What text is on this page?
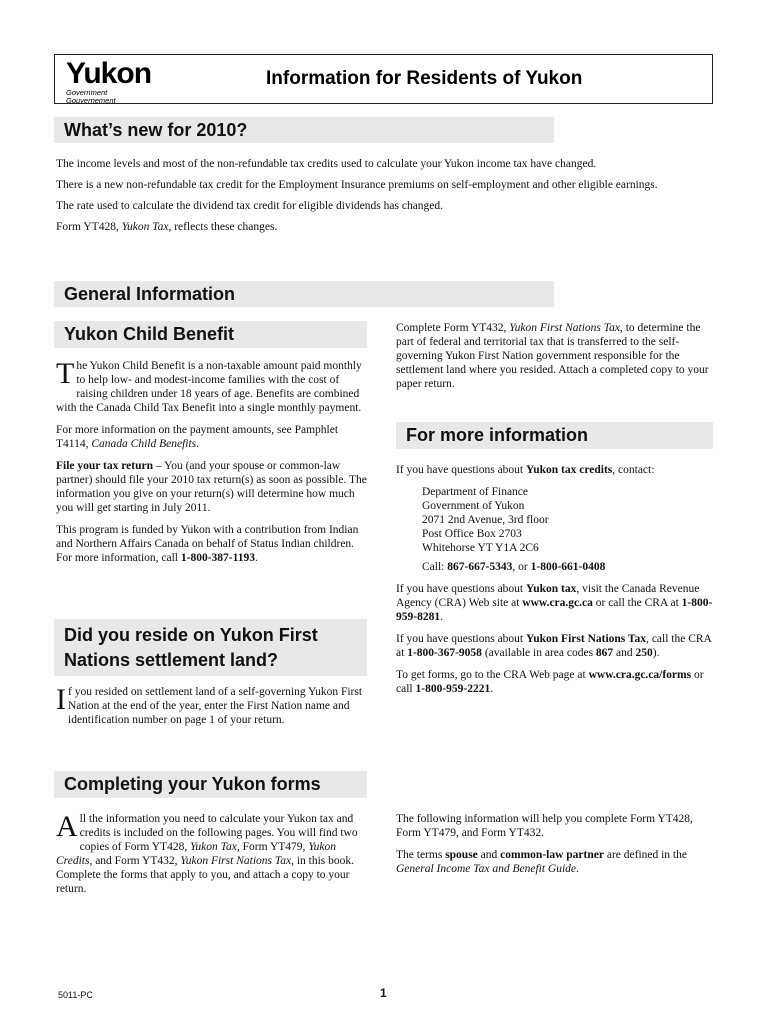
Yukon
Government
Gouvernement
Information for Residents of Yukon
What’s new for 2010?
The income levels and most of the non-refundable tax credits used to calculate your Yukon income tax have changed.
There is a new non-refundable tax credit for the Employment Insurance premiums on self-employment and other eligible earnings.
The rate used to calculate the dividend tax credit for eligible dividends has changed.
Form YT428, Yukon Tax, reflects these changes.
General Information
Yukon Child Benefit
The Yukon Child Benefit is a non-taxable amount paid monthly to help low- and modest-income families with the cost of raising children under 18 years of age. Benefits are combined with the Canada Child Tax Benefit into a single monthly payment.
For more information on the payment amounts, see Pamphlet T4114, Canada Child Benefits.
File your tax return – You (and your spouse or common-law partner) should file your 2010 tax return(s) as soon as possible. The information you give on your return(s) will determine how much you will get starting in July 2011.
This program is funded by Yukon with a contribution from Indian and Northern Affairs Canada on behalf of Status Indian children. For more information, call 1-800-387-1193.
Did you reside on Yukon First Nations settlement land?
If you resided on settlement land of a self-governing Yukon First Nation at the end of the year, enter the First Nation name and identification number on page 1 of your return.
Complete Form YT432, Yukon First Nations Tax, to determine the part of federal and territorial tax that is transferred to the self-governing Yukon First Nation government responsible for the settlement land where you resided. Attach a completed copy to your paper return.
For more information
If you have questions about Yukon tax credits, contact:
Department of Finance
Government of Yukon
2071 2nd Avenue, 3rd floor
Post Office Box 2703
Whitehorse YT Y1A 2C6
Call: 867-667-5343, or 1-800-661-0408
If you have questions about Yukon tax, visit the Canada Revenue Agency (CRA) Web site at www.cra.gc.ca or call the CRA at 1-800-959-8281.
If you have questions about Yukon First Nations Tax, call the CRA at 1-800-367-9058 (available in area codes 867 and 250).
To get forms, go to the CRA Web page at www.cra.gc.ca/forms or call 1-800-959-2221.
Completing your Yukon forms
All the information you need to calculate your Yukon tax and credits is included on the following pages. You will find two copies of Form YT428, Yukon Tax, Form YT479, Yukon Credits, and Form YT432, Yukon First Nations Tax, in this book. Complete the forms that apply to you, and attach a copy to your return.
The following information will help you complete Form YT428, Form YT479, and Form YT432.
The terms spouse and common-law partner are defined in the General Income Tax and Benefit Guide.
5011-PC	1
